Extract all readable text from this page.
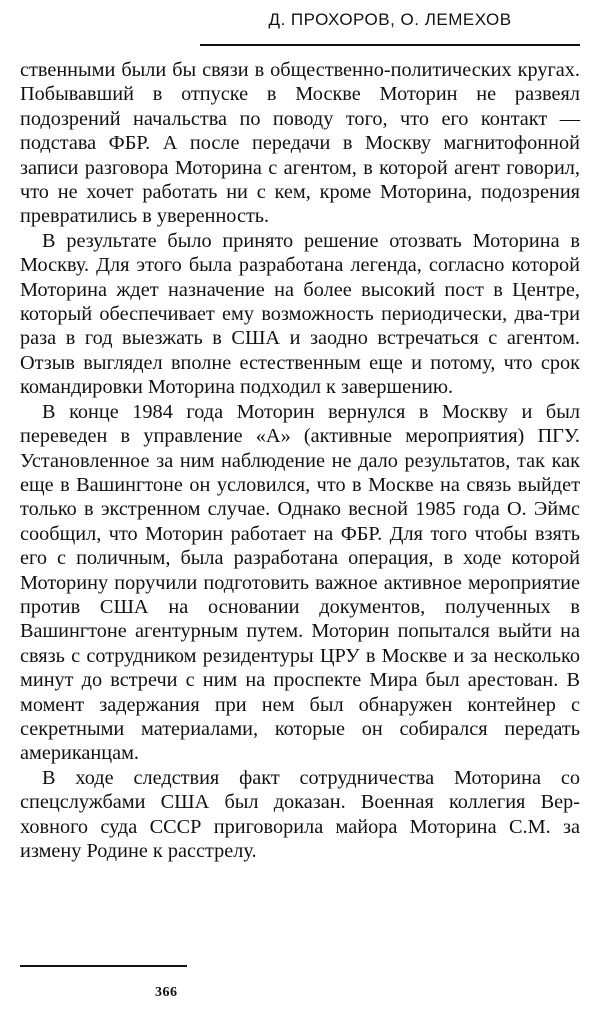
Д. ПРОХОРОВ, О. ЛЕМЕХОВ

ственными были бы связи в общественно-политических кругах. Побывавший в отпуске в Москве Моторин не развеял подозрений начальства по поводу того, что его контакт — подстава ФБР. А после передачи в Москву магнитофонной записи разговора Моторина с агентом, в которой агент говорил, что не хочет работать ни с кем, кроме Моторина, подозрения превратились в уверенность.

В результате было принято решение отозвать Моторина в Москву. Для этого была разработана легенда, согласно которой Моторина ждет назначение на более высокий пост в Центре, который обеспечивает ему возможность периодически, два-три раза в год выезжать в США и заодно встречаться с агентом. Отзыв выглядел вполне естественным еще и потому, что срок командировки Моторина подходил к завершению.

В конце 1984 года Моторин вернулся в Москву и был переведен в управление «А» (активные мероприятия) ПГУ. Установленное за ним наблюдение не дало результатов, так как еще в Вашингтоне он условился, что в Москве на связь выйдет только в экстренном случае. Однако весной 1985 года О. Эймс сообщил, что Моторин работает на ФБР. Для того чтобы взять его с поличным, была разработана операция, в ходе которой Моторину поручили подготовить важное активное мероприятие против США на основании документов, полученных в Вашингтоне агентурным путем. Моторин попытался выйти на связь с сотрудником резидентуры ЦРУ в Москве и за несколько минут до встречи с ним на проспекте Мира был арестован. В момент задержания при нем был обнаружен контейнер с секретными материалами, которые он собирался передать американцам.

В ходе следствия факт сотрудничества Моторина со спецслужбами США был доказан. Военная коллегия Верховного суда СССР приговорила майора Моторина С.М. за измену Родине к расстрелу.

366
